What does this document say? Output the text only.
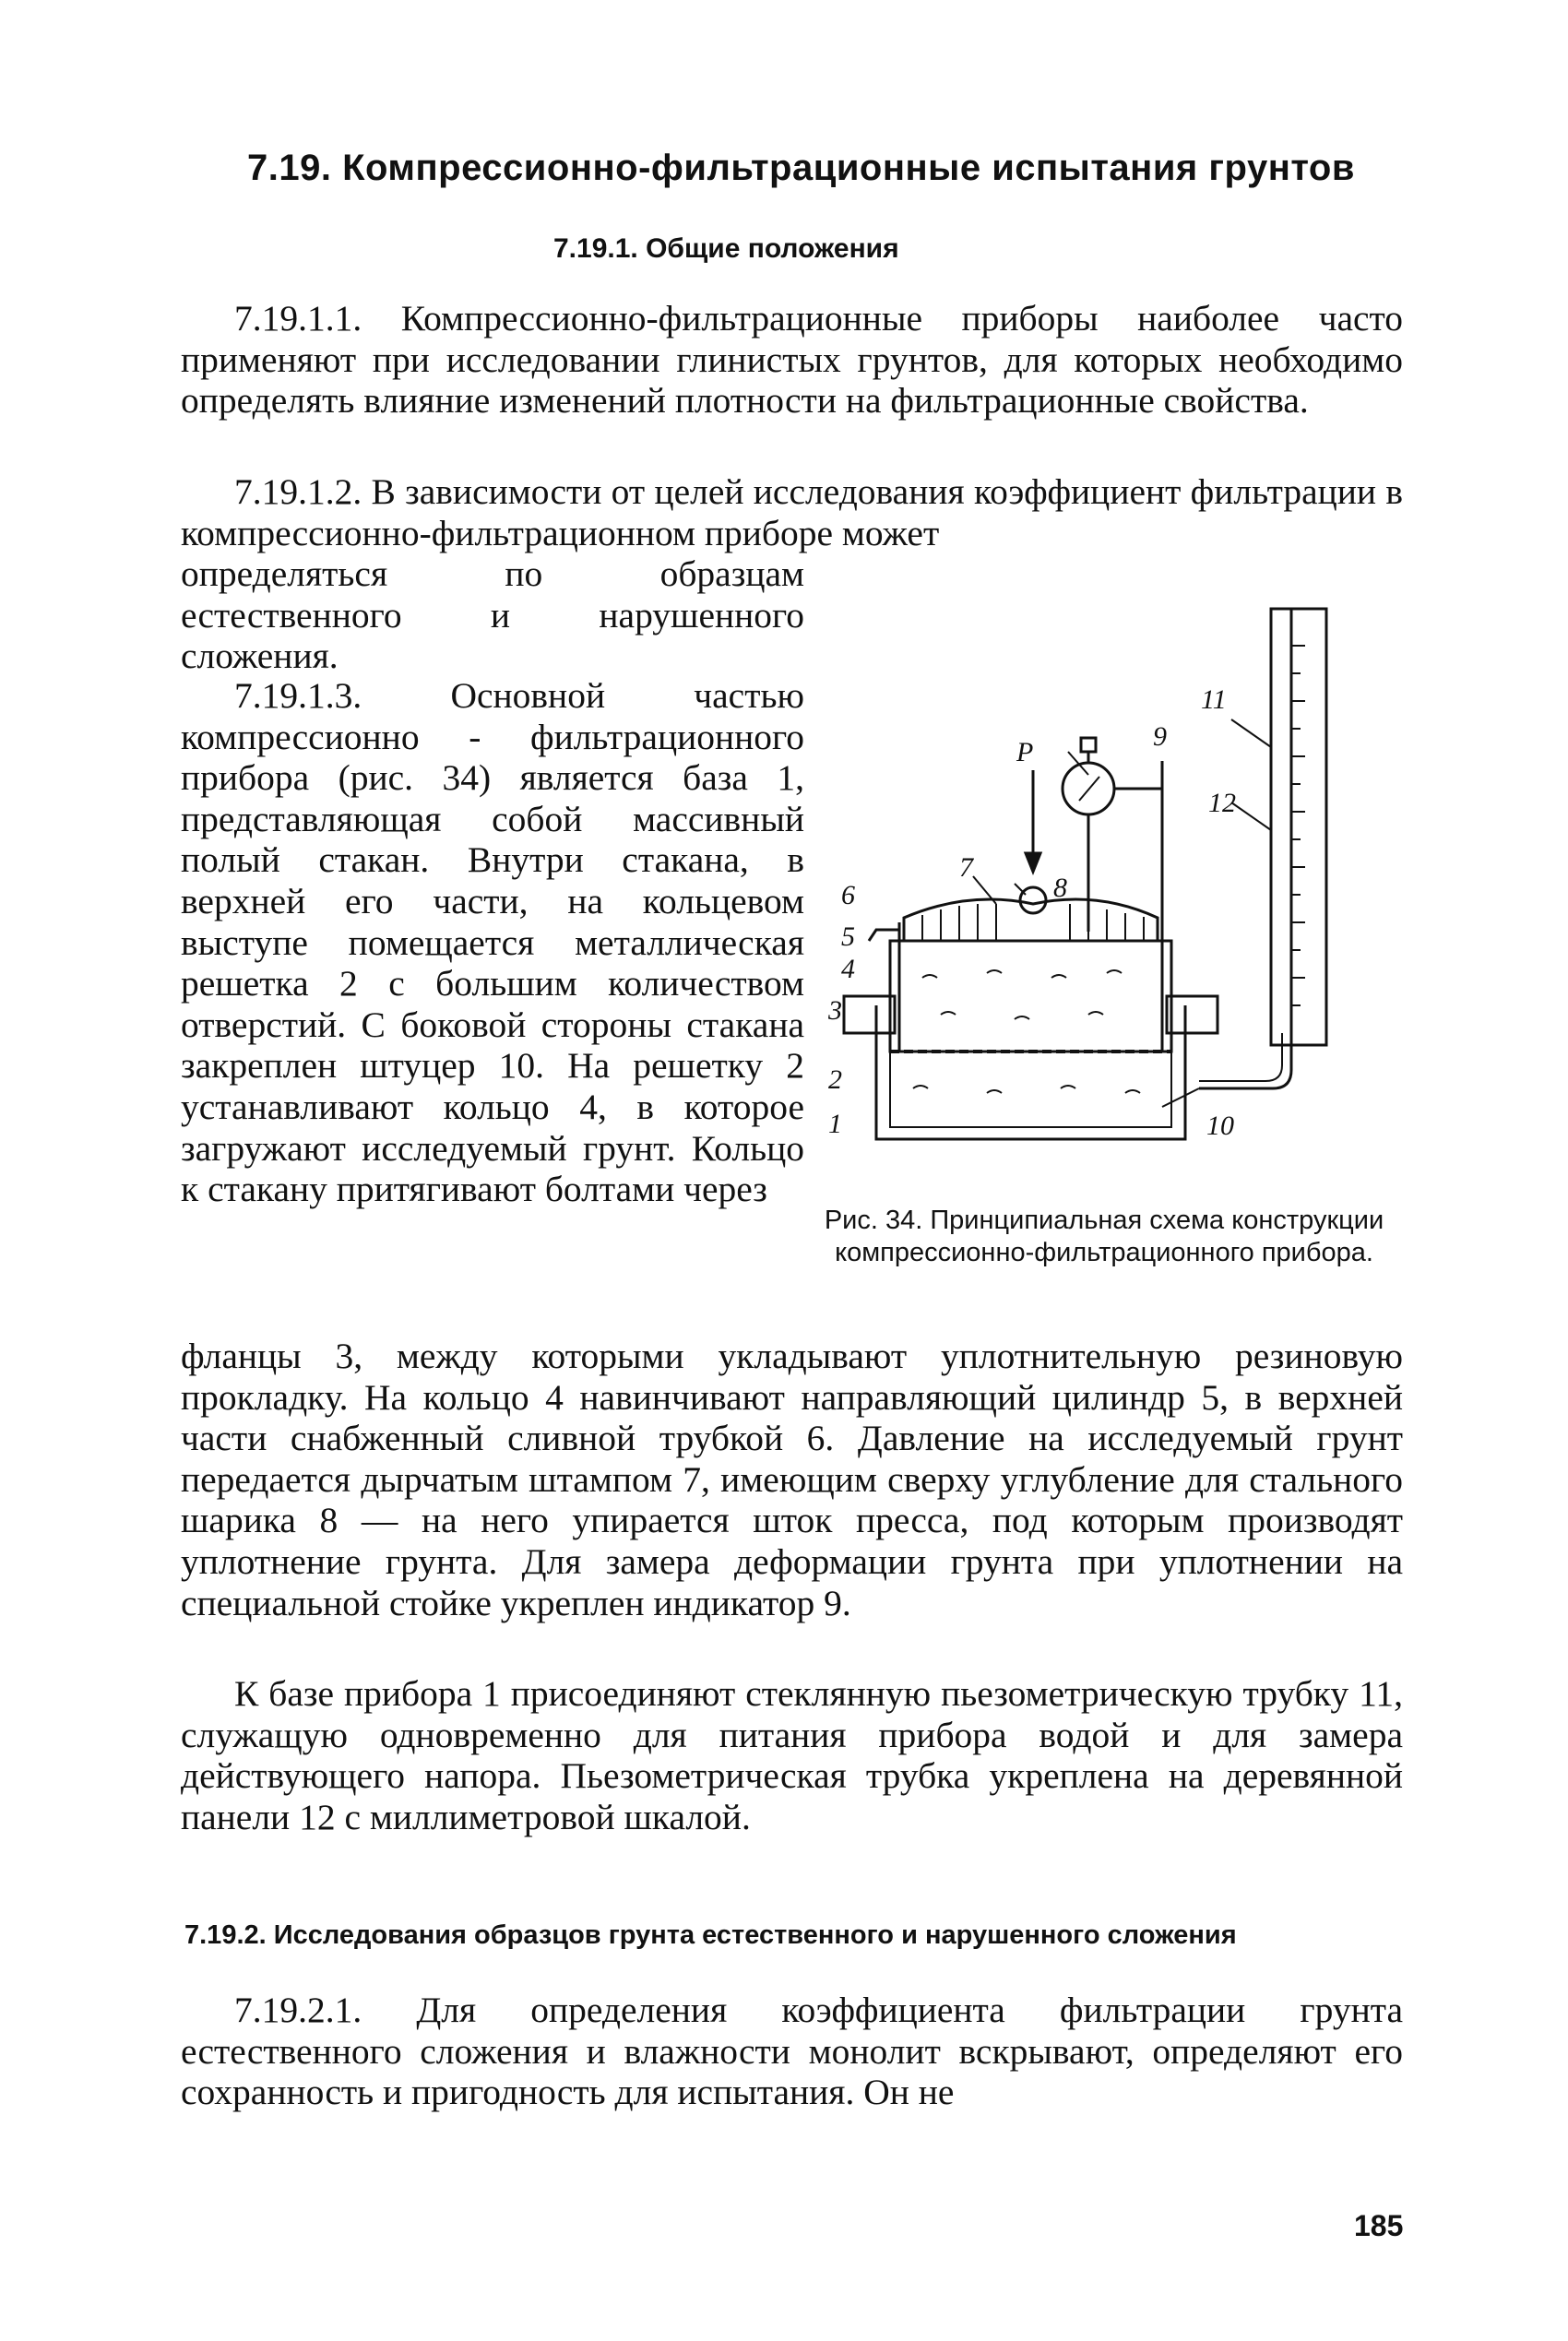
7.19. Компрессионно-фильтрационные испытания грунтов
7.19.1. Общие положения

7.19.1.1. Компрессионно-фильтрационные приборы наиболее часто применяют при исследовании глинистых грунтов, для которых необходимо определять влияние изменений плотности на фильтрационные свойства.

7.19.1.2. В зависимости от целей исследования коэффициент фильтрации в компрессионно-фильтрационном приборе может

определяться по образцам естественного и нарушенного сложения.

7.19.1.3. Основной частью компрессионно - фильтрационного прибора (рис. 34) является база 1, представляющая собой массивный полый стакан. Внутри стакана, в верхней его части, на кольцевом выступе помещается металлическая решетка 2 с большим количеством отверстий. С боковой стороны стакана закреплен штуцер 10. На решетку 2 устанавливают кольцо 4, в которое загружают исследуемый грунт. Кольцо к стакану притягивают болтами через

фланцы 3, между которыми укладывают уплотнительную резиновую прокладку. На кольцо 4 навинчивают направляющий цилиндр 5, в верхней части снабженный сливной трубкой 6. Давление на исследуемый грунт передается дырчатым штампом 7, имеющим сверху углубление для стального шарика 8 — на него упирается шток пресса, под которым производят уплотнение грунта. Для замера деформации грунта при уплотнении на специальной стойке укреплен индикатор 9.

К базе прибора 1 присоединяют стеклянную пьезометрическую трубку 11, служащую одновременно для питания прибора водой и для замера действующего напора. Пьезометрическая трубка укреплена на деревянной панели 12 с миллиметровой шкалой.

7.19.2. Исследования образцов грунта естественного и нарушенного сложения

7.19.2.1. Для определения коэффициента фильтрации грунта естественного сложения и влажности монолит вскрывают, определяют его сохранность и пригодность для испытания. Он не

P
11
12
9
8
7
6
5
4
3
2
1	10
Рис. 34. Принципиальная схема конструкции компрессионно-фильтрационного прибора.
185
